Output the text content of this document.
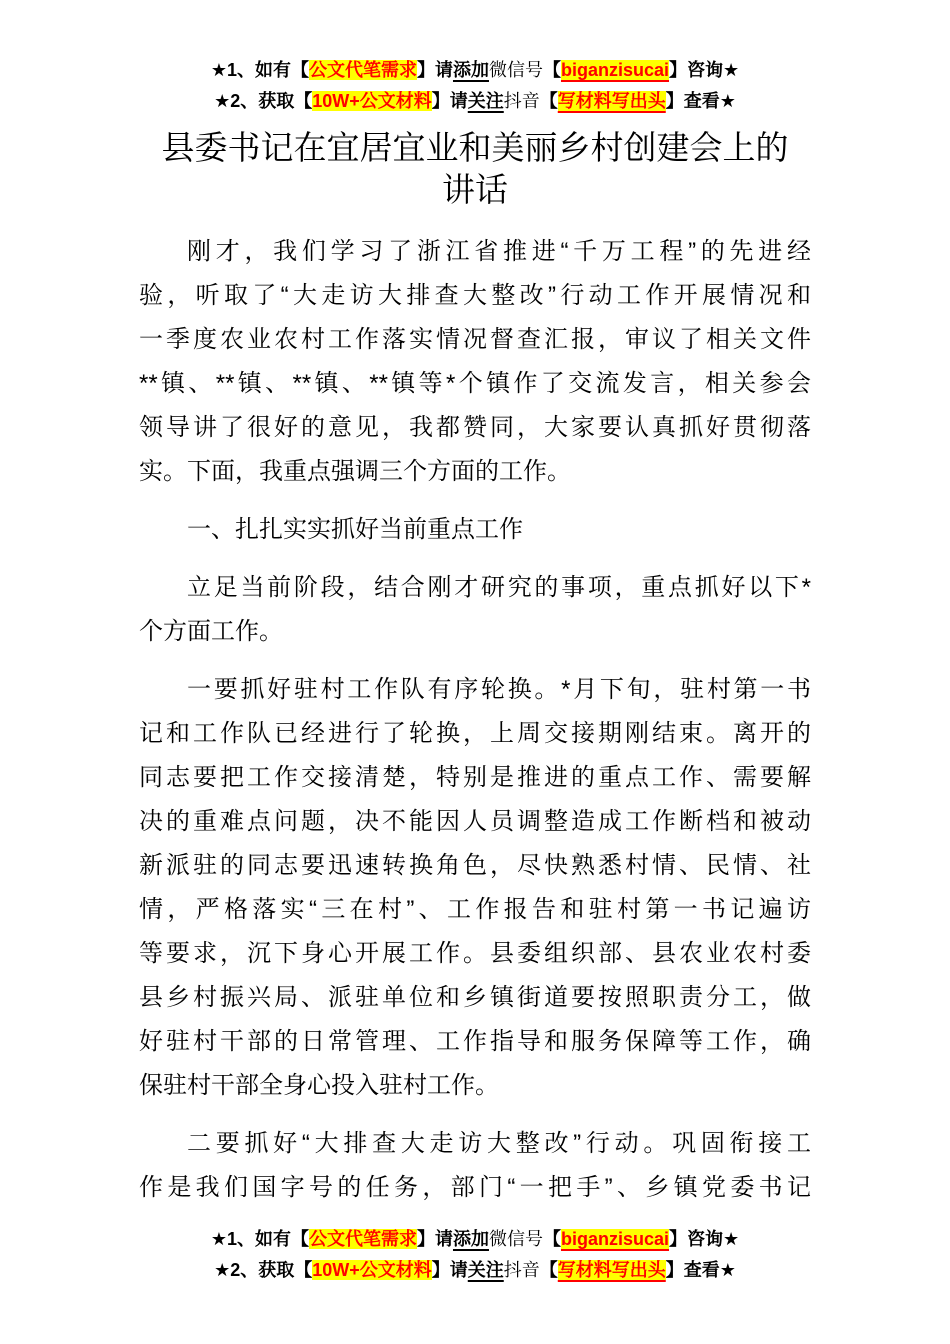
★1、如有【公文代笔需求】请添加微信号【biganzisucai】咨询★
★2、获取【10W+公文材料】请关注抖音【写材料写出头】查看★
县委书记在宜居宜业和美丽乡村创建会上的
讲话
刚才，我们学习了浙江省推进“千万工程”的先进经
验，听取了“大走访大排查大整改”行动工作开展情况和
一季度农业农村工作落实情况督查汇报，审议了相关文件
**镇、**镇、**镇、**镇等*个镇作了交流发言，相关参会
领导讲了很好的意见，我都赞同，大家要认真抓好贯彻落
实。下面，我重点强调三个方面的工作。
一、扎扎实实抓好当前重点工作
立足当前阶段，结合刚才研究的事项，重点抓好以下*
个方面工作。
一要抓好驻村工作队有序轮换。*月下旬，驻村第一书
记和工作队已经进行了轮换，上周交接期刚结束。离开的
同志要把工作交接清楚，特别是推进的重点工作、需要解
决的重难点问题，决不能因人员调整造成工作断档和被动
新派驻的同志要迅速转换角色，尽快熟悉村情、民情、社
情，严格落实“三在村”、工作报告和驻村第一书记遍访
等要求，沉下身心开展工作。县委组织部、县农业农村委
县乡村振兴局、派驻单位和乡镇街道要按照职责分工，做
好驻村干部的日常管理、工作指导和服务保障等工作，确
保驻村干部全身心投入驻村工作。
二要抓好“大排查大走访大整改”行动。巩固衔接工
作是我们国字号的任务，部门“一把手”、乡镇党委书记
★1、如有【公文代笔需求】请添加微信号【biganzisucai】咨询★
★2、获取【10W+公文材料】请关注抖音【写材料写出头】查看★
